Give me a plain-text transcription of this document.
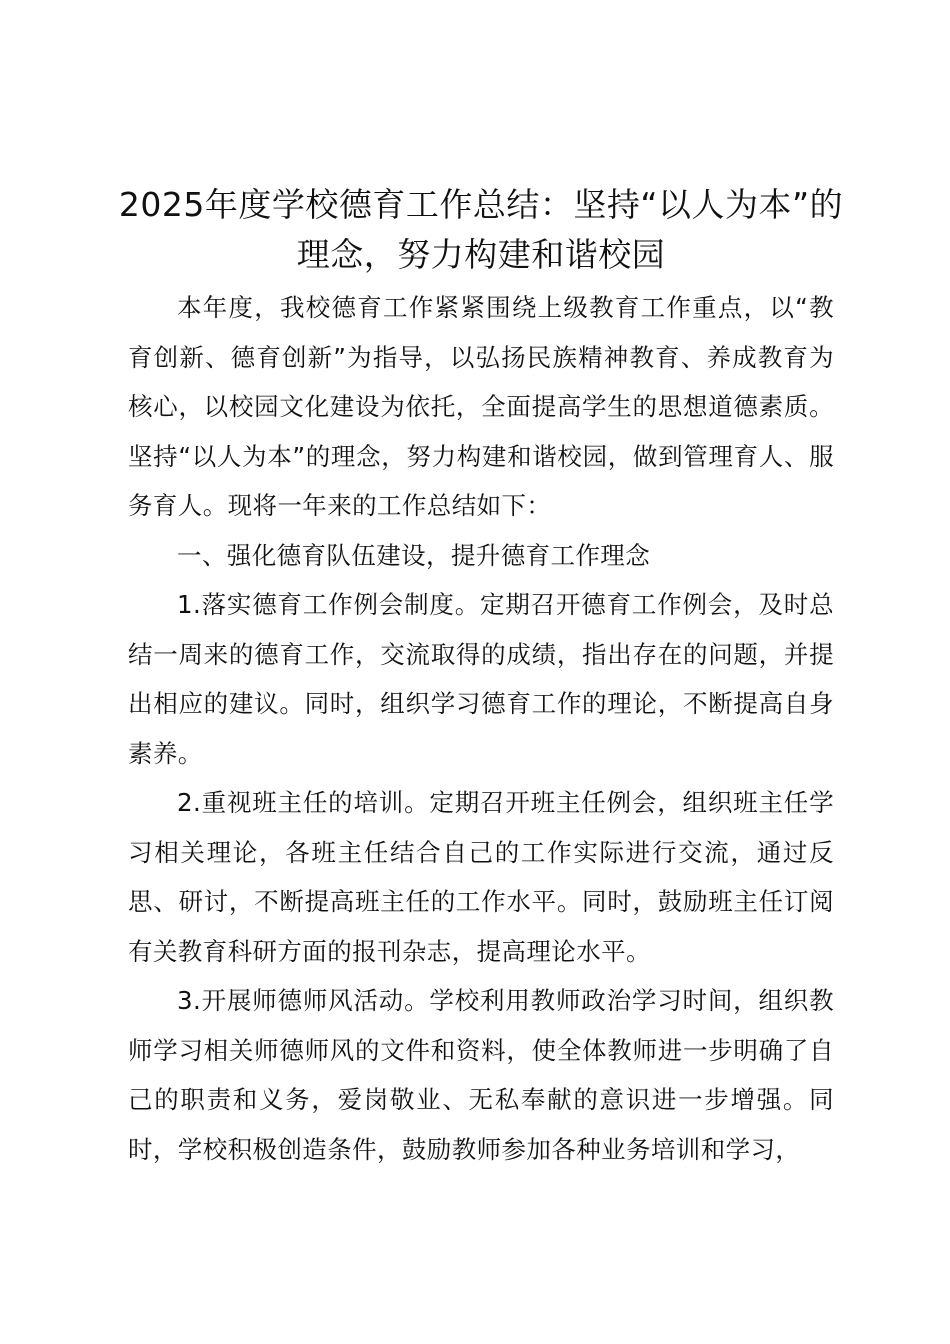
2025年度学校德育工作总结：坚持“以人为本”的理念，努力构建和谐校园

本年度，我校德育工作紧紧围绕上级教育工作重点，以“教育创新、德育创新”为指导，以弘扬民族精神教育、养成教育为核心，以校园文化建设为依托，全面提高学生的思想道德素质。坚持“以人为本”的理念，努力构建和谐校园，做到管理育人、服务育人。现将一年来的工作总结如下：

一、强化德育队伍建设，提升德育工作理念

1.落实德育工作例会制度。定期召开德育工作例会，及时总结一周来的德育工作，交流取得的成绩，指出存在的问题，并提出相应的建议。同时，组织学习德育工作的理论，不断提高自身素养。

2.重视班主任的培训。定期召开班主任例会，组织班主任学习相关理论，各班主任结合自己的工作实际进行交流，通过反思、研讨，不断提高班主任的工作水平。同时，鼓励班主任订阅有关教育科研方面的报刊杂志，提高理论水平。

3.开展师德师风活动。学校利用教师政治学习时间，组织教师学习相关师德师风的文件和资料，使全体教师进一步明确了自己的职责和义务，爱岗敬业、无私奉献的意识进一步增强。同时，学校积极创造条件，鼓励教师参加各种业务培训和学习，
